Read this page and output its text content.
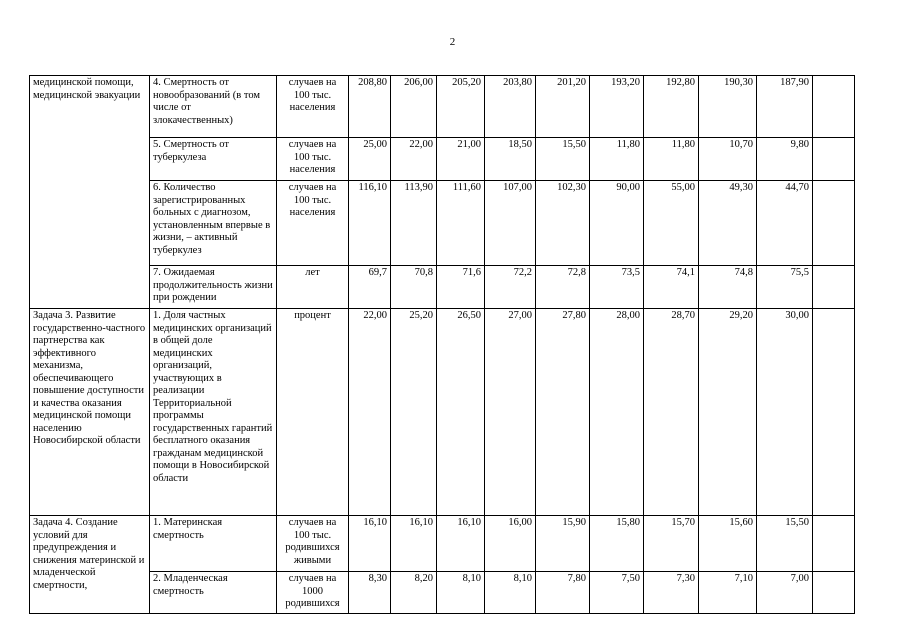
2
медицинской помощи, медицинской эвакуации	4. Смертность от новообразований (в том числе от злокачественных)	случаев на 100 тыс. населения	208,80	206,00	205,20	203,80	201,20	193,20	192,80	190,30	187,90	
	5. Смертность от туберкулеза	случаев на 100 тыс. населения	25,00	22,00	21,00	18,50	15,50	11,80	11,80	10,70	9,80	
	6. Количество зарегистрированных больных с диагнозом, установленным впервые в жизни, – активный туберкулез	случаев на 100 тыс. населения	116,10	113,90	111,60	107,00	102,30	90,00	55,00	49,30	44,70	
	7. Ожидаемая продолжительность жизни при рождении	лет	69,7	70,8	71,6	72,2	72,8	73,5	74,1	74,8	75,5	
Задача 3. Развитие государственно-частного партнерства как эффективного механизма, обеспечивающего повышение доступности и качества оказания медицинской помощи населению Новосибирской области	1. Доля частных медицинских организаций в общей доле медицинских организаций, участвующих в реализации Территориальной программы государственных гарантий бесплатного оказания гражданам медицинской помощи в Новосибирской области	процент	22,00	25,20	26,50	27,00	27,80	28,00	28,70	29,20	30,00	
Задача 4. Создание условий для предупреждения и снижения материнской и младенческой смертности,	1. Материнская смертность	случаев на 100 тыс. родившихся живыми	16,10	16,10	16,10	16,00	15,90	15,80	15,70	15,60	15,50	
	2. Младенческая смертность	случаев на 1000 родившихся	8,30	8,20	8,10	8,10	7,80	7,50	7,30	7,10	7,00	
